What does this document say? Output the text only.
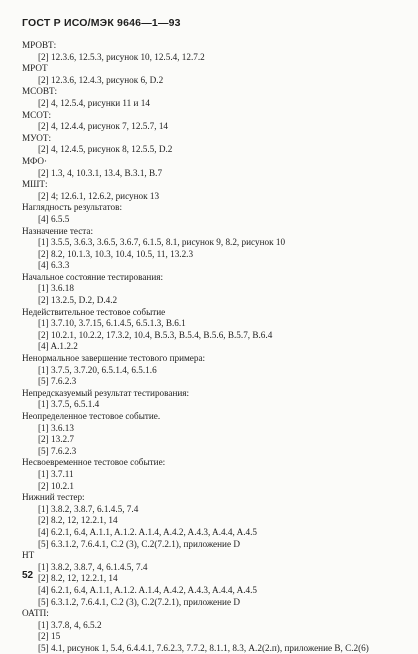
ГОСТ Р ИСО/МЭК 9646—1—93
МРОВТ:
[2] 12.3.6, 12.5.3, рисунок 10, 12.5.4, 12.7.2
МРОТ
[2] 12.3.6, 12.4.3, рисунок 6, D.2
МСОВТ:
[2] 4, 12.5.4, рисунки 11 и 14
МСОТ:
[2] 4, 12.4.4, рисунок 7, 12.5.7, 14
МУОТ:
[2] 4, 12.4.5, рисунок 8, 12.5.5, D.2
МФО·
[2] 1.3, 4, 10.3.1, 13.4, В.3.1, В.7
МШТ:
[2] 4; 12.6.1, 12.6.2, рисунок 13
Наглядность результатов:
[4] 6.5.5
Назначение теста:
[1] 3.5.5, 3.6.3, 3.6.5, 3.6.7, 6.1.5, 8.1, рисунок 9, 8.2, рисунок 10
[2] 8.2, 10.1.3, 10.3, 10.4, 10.5, 11, 13.2.3
[4] 6.3.3
Начальное состояние тестирования:
[1] 3.6.18
[2] 13.2.5, D.2, D.4.2
Недействительное тестовое событие
[1] 3.7.10, 3.7.15, 6.1.4.5, 6.5.1.3, В.6.1
[2] 10.2.1, 10.2.2, 17.3.2, 10.4, В.5.3, В.5.4, В.5.6, В.5.7, В.6.4
[4] A.1.2.2
Ненормальное завершение тестового примера:
[1] 3.7.5, 3.7.20, 6.5.1.4, 6.5.1.6
[5] 7.6.2.3
Непредсказуемый результат тестирования:
[1] 3.7.5, 6.5.1.4
Неопределенное тестовое событие.
[1] 3.6.13
[2] 13.2.7
[5] 7.6.2.3
Несвоевременное тестовое событие:
[1] 3.7.11
[2] 10.2.1
Нижний тестер:
[1] 3.8.2, 3.8.7, 6.1.4.5, 7.4
[2] 8.2, 12, 12.2.1, 14
[4] 6.2.1, 6.4, A.1.1, A.1.2. A.1.4, A.4.2, A.4.3, A.4.4, A.4.5
[5] 6.3.1.2, 7.6.4.1, C.2 (3), C.2(7.2.1), приложение D
НТ
[1] 3.8.2, 3.8.7, 4, 6.1.4.5, 7.4
[2] 8.2, 12, 12.2.1, 14
[4] 6.2.1, 6.4, A.1.1, A.1.2. A.1.4, A.4.2, A.4.3, A.4.4, A.4.5
[5] 6.3.1.2, 7.6.4.1, C.2 (3), C.2(7.2.1), приложение D
ОАТП:
[1] 3.7.8, 4, 6.5.2
[2] 15
[5] 4.1, рисунок 1, 5.4, 6.4.4.1, 7.6.2.3, 7.7.2, 8.1.1, 8.3, A.2(2.п), приложение В, С.2(6)
52
